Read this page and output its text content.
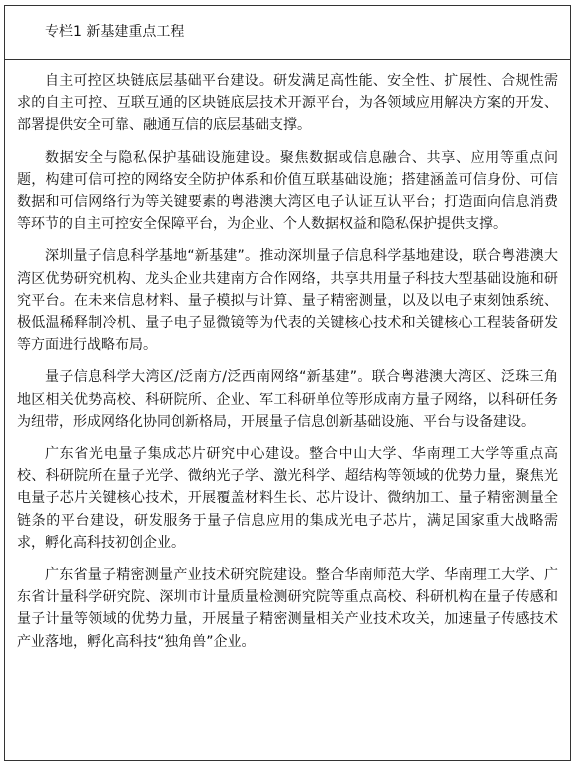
专栏1 新基建重点工程

自主可控区块链底层基础平台建设。研发满足高性能、安全性、扩展性、合规性需求的自主可控、互联互通的区块链底层技术开源平台，为各领域应用解决方案的开发、部署提供安全可靠、融通互信的底层基础支撑。

数据安全与隐私保护基础设施建设。聚焦数据或信息融合、共享、应用等重点问题，构建可信可控的网络安全防护体系和价值互联基础设施；搭建涵盖可信身份、可信数据和可信网络行为等关键要素的粤港澳大湾区电子认证互认平台；打造面向信息消费等环节的自主可控安全保障平台，为企业、个人数据权益和隐私保护提供支撑。

深圳量子信息科学基地“新基建”。推动深圳量子信息科学基地建设，联合粤港澳大湾区优势研究机构、龙头企业共建南方合作网络，共享共用量子科技大型基础设施和研究平台。在未来信息材料、量子模拟与计算、量子精密测量，以及以电子束刻蚀系统、极低温稀释制冷机、量子电子显微镜等为代表的关键核心技术和关键核心工程装备研发等方面进行战略布局。

量子信息科学大湾区/泛南方/泛西南网络“新基建”。联合粤港澳大湾区、泛珠三角地区相关优势高校、科研院所、企业、军工科研单位等形成南方量子网络，以科研任务为纽带，形成网络化协同创新格局，开展量子信息创新基础设施、平台与设备建设。

广东省光电量子集成芯片研究中心建设。整合中山大学、华南理工大学等重点高校、科研院所在量子光学、微纳光子学、激光科学、超结构等领域的优势力量，聚焦光电量子芯片关键核心技术，开展覆盖材料生长、芯片设计、微纳加工、量子精密测量全链条的平台建设，研发服务于量子信息应用的集成光电子芯片，满足国家重大战略需求，孵化高科技初创企业。

广东省量子精密测量产业技术研究院建设。整合华南师范大学、华南理工大学、广东省计量科学研究院、深圳市计量质量检测研究院等重点高校、科研机构在量子传感和量子计量等领域的优势力量，开展量子精密测量相关产业技术攻关，加速量子传感技术产业落地，孵化高科技“独角兽”企业。
